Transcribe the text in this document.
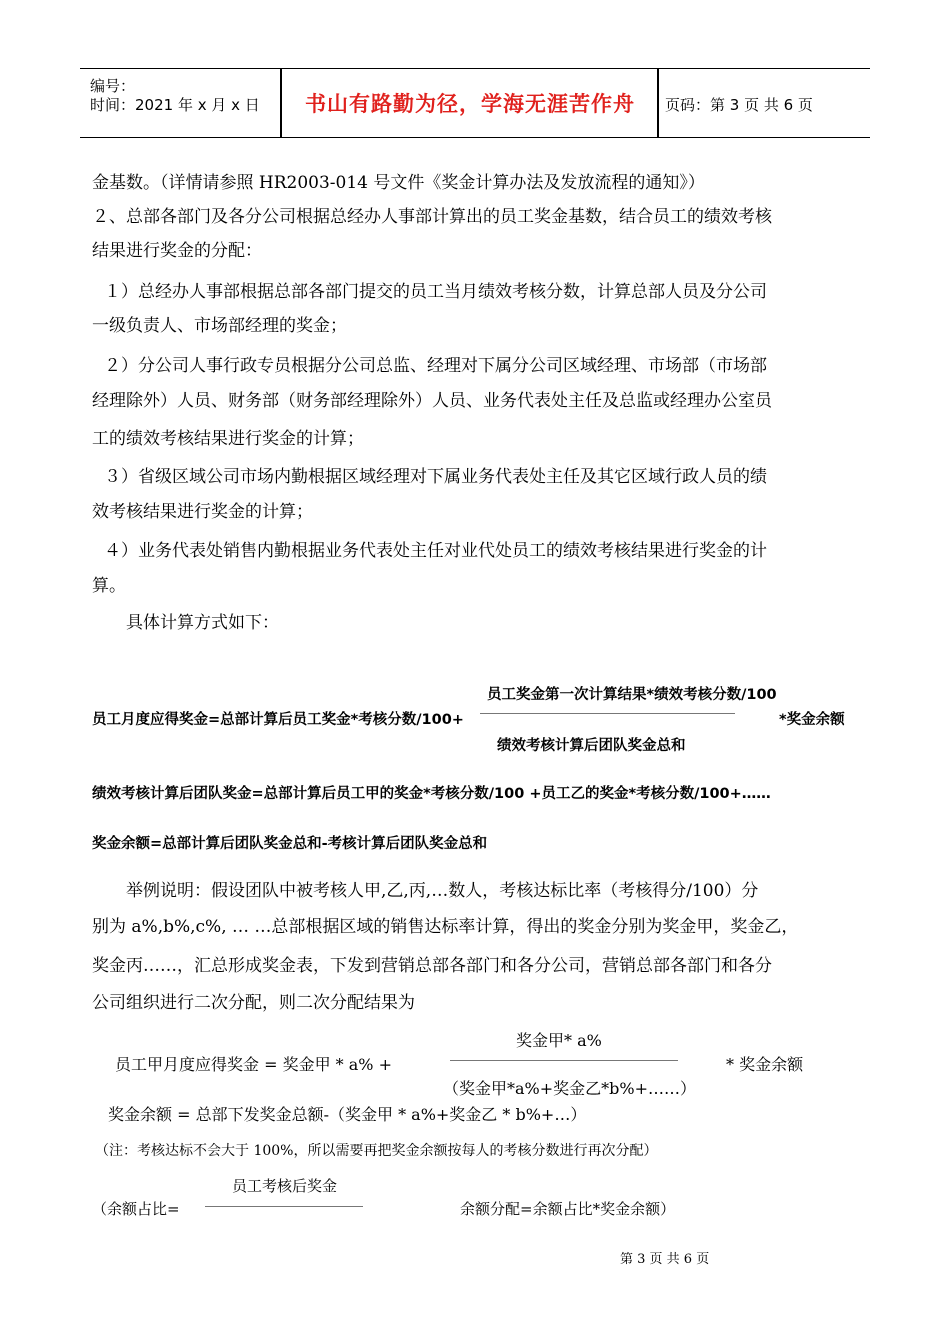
编号：
时间：2021 年 x 月 x 日	书山有路勤为径，学海无涯苦作舟	页码：第 3 页 共 6 页
金基数。（详情请参照 HR2003-014 号文件《奖金计算办法及发放流程的通知》）
２、总部各部门及各分公司根据总经办人事部计算出的员工奖金基数，结合员工的绩效考核
结果进行奖金的分配：
１）总经办人事部根据总部各部门提交的员工当月绩效考核分数，计算总部人员及分公司
一级负责人、市场部经理的奖金；
２）分公司人事行政专员根据分公司总监、经理对下属分公司区域经理、市场部（市场部
经理除外）人员、财务部（财务部经理除外）人员、业务代表处主任及总监或经理办公室员
工的绩效考核结果进行奖金的计算；
３）省级区域公司市场内勤根据区域经理对下属业务代表处主任及其它区域行政人员的绩
效考核结果进行奖金的计算；
４）业务代表处销售内勤根据业务代表处主任对业代处员工的绩效考核结果进行奖金的计
算。
具体计算方式如下：
员工奖金第一次计算结果*绩效考核分数/100
员工月度应得奖金=总部计算后员工奖金*考核分数/100+	*奖金余额
绩效考核计算后团队奖金总和
绩效考核计算后团队奖金=总部计算后员工甲的奖金*考核分数/100 +员工乙的奖金*考核分数/100+……
奖金余额=总部计算后团队奖金总和-考核计算后团队奖金总和
举例说明：假设团队中被考核人甲,乙,丙,…数人，考核达标比率（考核得分/100）分
别为 a%,b%,c%, … …总部根据区域的销售达标率计算，得出的奖金分别为奖金甲，奖金乙，
奖金丙……，汇总形成奖金表，下发到营销总部各部门和各分公司，营销总部各部门和各分
公司组织进行二次分配，则二次分配结果为
奖金甲* a%
员工甲月度应得奖金 = 奖金甲 * a% +	* 奖金余额
（奖金甲*a%+奖金乙*b%+……）
奖金余额 = 总部下发奖金总额-（奖金甲 * a%+奖金乙 * b%+…）
（注：考核达标不会大于 100%，所以需要再把奖金余额按每人的考核分数进行再次分配）
员工考核后奖金
（余额占比=	余额分配=余额占比*奖金余额）
第 3 页 共 6 页
